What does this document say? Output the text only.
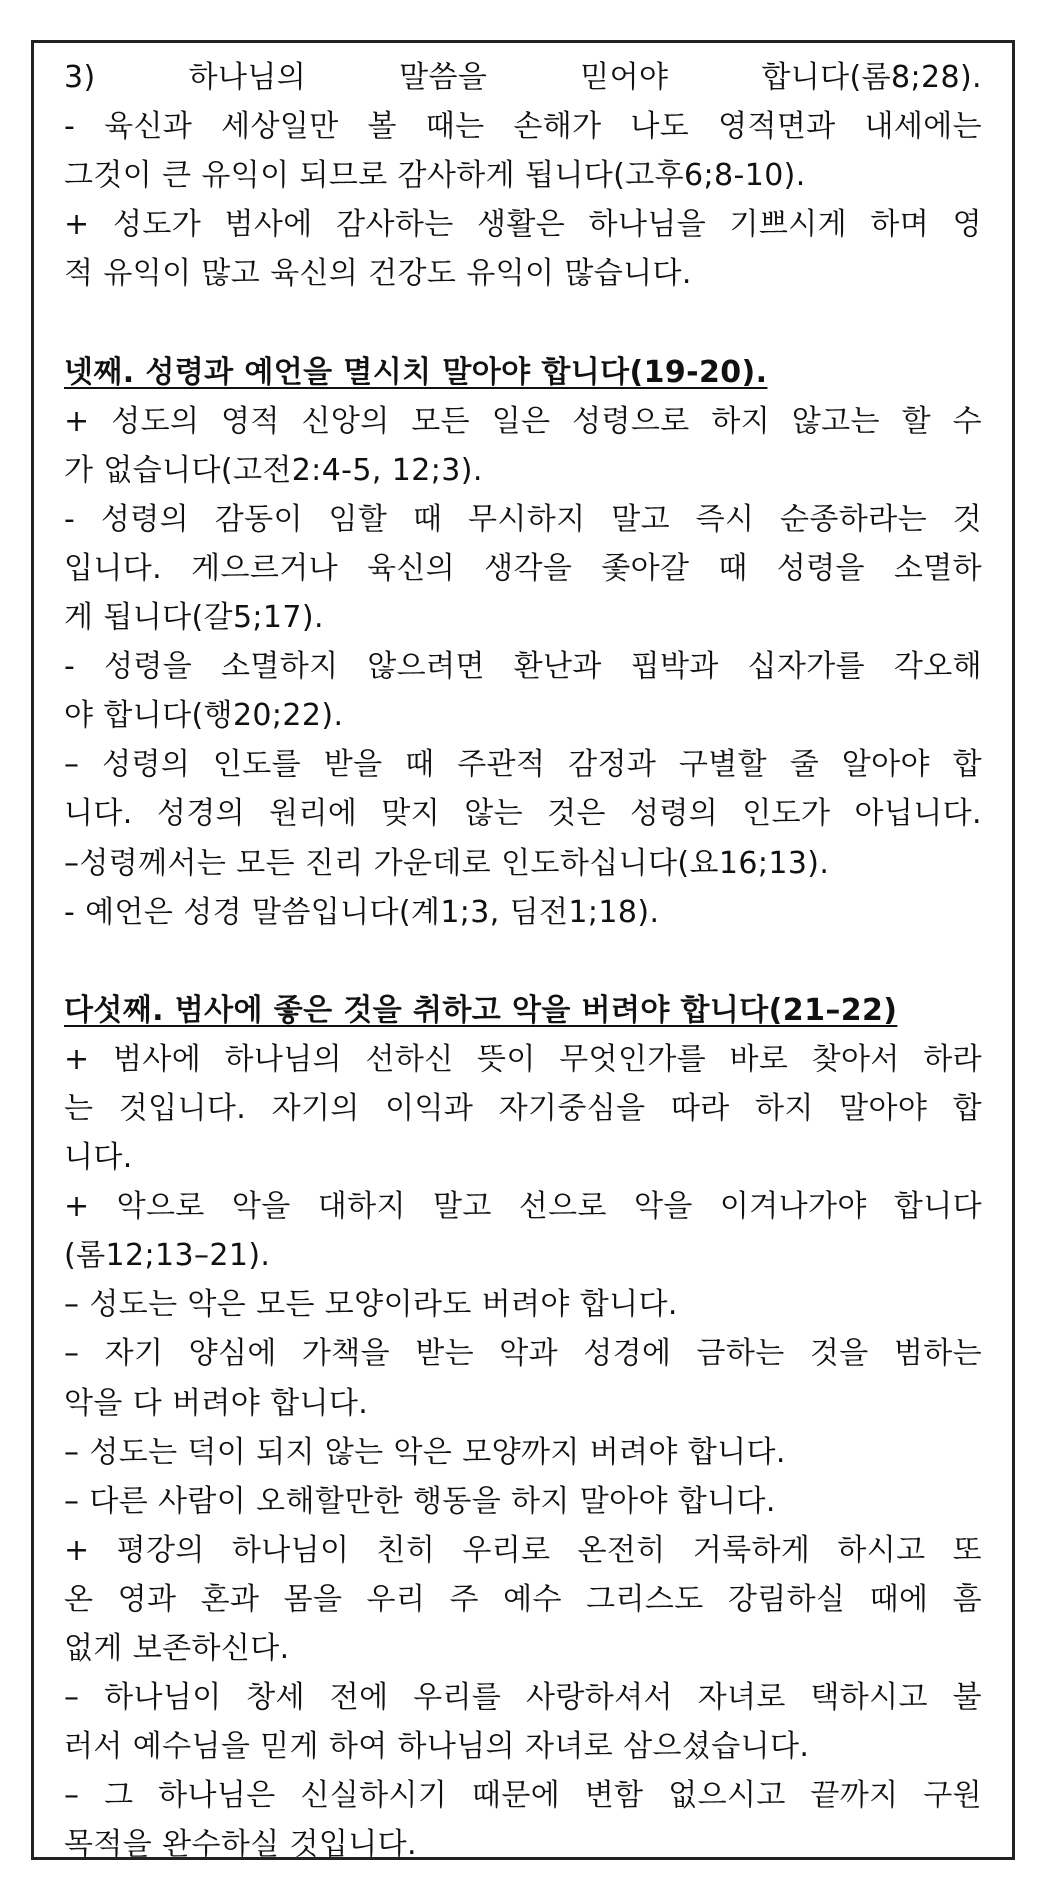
3) 하나님의 말씀을 믿어야 합니다(롬8;28).
- 육신과 세상일만 볼 때는 손해가 나도 영적면과 내세에는
그것이 큰 유익이 되므로 감사하게 됩니다(고후6;8-10).
+ 성도가 범사에 감사하는 생활은 하나님을 기쁘시게 하며 영
적 유익이 많고 육신의 건강도 유익이 많습니다.
넷째. 성령과 예언을 멸시치 말아야 합니다(19-20).
+ 성도의 영적 신앙의 모든 일은 성령으로 하지 않고는 할 수
가 없습니다(고전2:4-5, 12;3).
- 성령의 감동이 임할 때 무시하지 말고 즉시 순종하라는 것
입니다. 게으르거나 육신의 생각을 좇아갈 때 성령을 소멸하
게 됩니다(갈5;17).
- 성령을 소멸하지 않으려면 환난과 핍박과 십자가를 각오해
야 합니다(행20;22).
– 성령의 인도를 받을 때 주관적 감정과 구별할 줄 알아야 합
니다. 성경의 원리에 맞지 않는 것은 성령의 인도가 아닙니다.
–성령께서는 모든 진리 가운데로 인도하십니다(요16;13).
- 예언은 성경 말씀입니다(계1;3, 딤전1;18).
다섯째. 범사에 좋은 것을 취하고 악을 버려야 합니다(21–22)
+ 범사에 하나님의 선하신 뜻이 무엇인가를 바로 찾아서 하라
는 것입니다. 자기의 이익과 자기중심을 따라 하지 말아야 합
니다.
+ 악으로 악을 대하지 말고 선으로 악을 이겨나가야 합니다
(롬12;13–21).
– 성도는 악은 모든 모양이라도 버려야 합니다.
– 자기 양심에 가책을 받는 악과 성경에 금하는 것을 범하는
악을 다 버려야 합니다.
– 성도는 덕이 되지 않는 악은 모양까지 버려야 합니다.
– 다른 사람이 오해할만한 행동을 하지 말아야 합니다.
+ 평강의 하나님이 친히 우리로 온전히 거룩하게 하시고 또
온 영과 혼과 몸을 우리 주 예수 그리스도 강림하실 때에 흠
없게 보존하신다.
– 하나님이 창세 전에 우리를 사랑하셔서 자녀로 택하시고 불
러서 예수님을 믿게 하여 하나님의 자녀로 삼으셨습니다.
– 그 하나님은 신실하시기 때문에 변함 없으시고 끝까지 구원
목적을 완수하실 것입니다.
